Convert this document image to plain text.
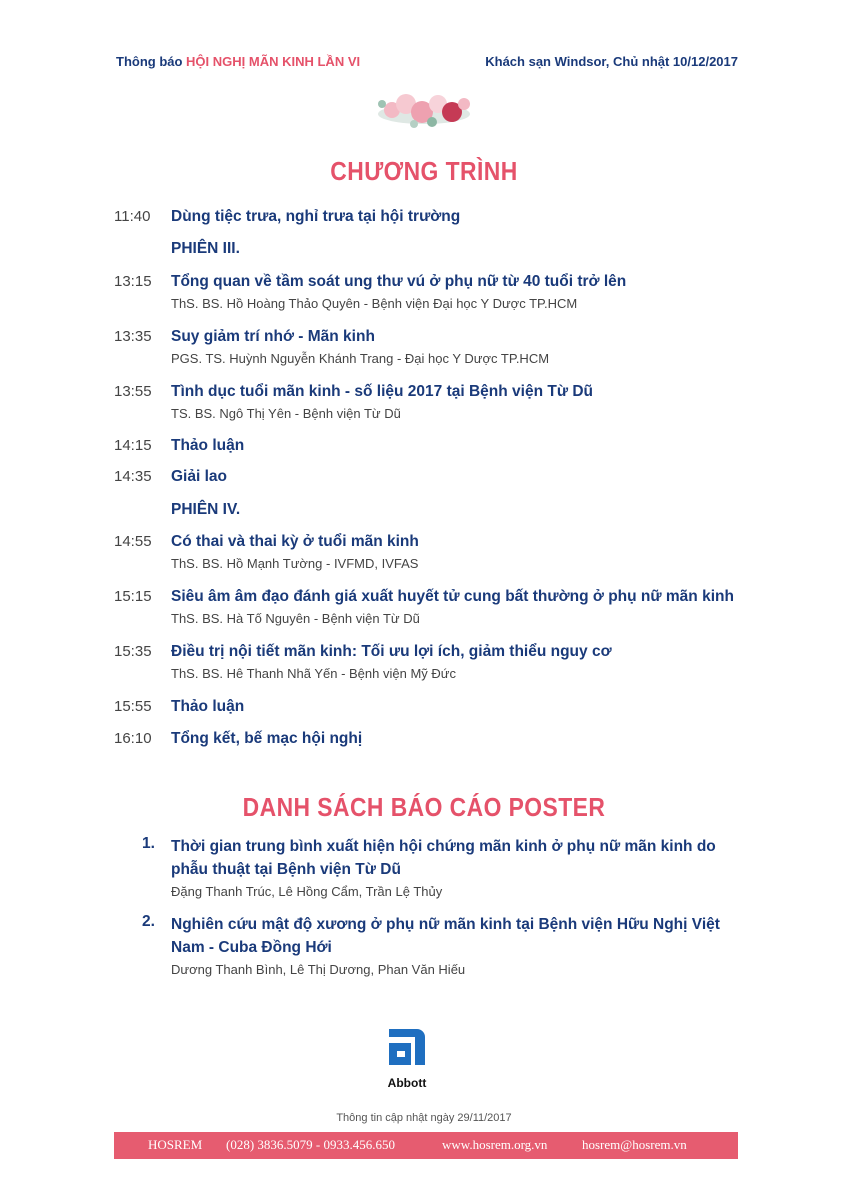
Thông báo HỘI NGHỊ MÃN KINH LẦN VI	Khách sạn Windsor, Chủ nhật 10/12/2017
CHƯƠNG TRÌNH
11:40	Dùng tiệc trưa, nghỉ trưa tại hội trường
PHIÊN III.
13:15	Tổng quan về tầm soát ung thư vú ở phụ nữ từ 40 tuổi trở lên
ThS. BS. Hồ Hoàng Thảo Quyên - Bệnh viện Đại học Y Dược TP.HCM
13:35	Suy giảm trí nhớ - Mãn kinh
PGS. TS. Huỳnh Nguyễn Khánh Trang - Đại học Y Dược TP.HCM
13:55	Tình dục tuổi mãn kinh - số liệu 2017 tại Bệnh viện Từ Dũ
TS. BS. Ngô Thị Yên - Bệnh viện Từ Dũ
14:15	Thảo luận
14:35	Giải lao
PHIÊN IV.
14:55	Có thai và thai kỳ ở tuổi mãn kinh
ThS. BS. Hồ Mạnh Tường - IVFMD, IVFAS
15:15	Siêu âm âm đạo đánh giá xuất huyết tử cung bất thường ở phụ nữ mãn kinh
ThS. BS. Hà Tố Nguyên - Bệnh viện Từ Dũ
15:35	Điều trị nội tiết mãn kinh: Tối ưu lợi ích, giảm thiểu nguy cơ
ThS. BS. Hê Thanh Nhã Yến - Bệnh viện Mỹ Đức
15:55	Thảo luận
16:10	Tổng kết, bế mạc hội nghị
DANH SÁCH BÁO CÁO POSTER
1. Thời gian trung bình xuất hiện hội chứng mãn kinh ở phụ nữ mãn kinh do phẫu thuật tại Bệnh viện Từ Dũ
Đặng Thanh Trúc, Lê Hồng Cẩm, Trần Lệ Thủy
2. Nghiên cứu mật độ xương ở phụ nữ mãn kinh tại Bệnh viện Hữu Nghị Việt Nam - Cuba Đồng Hới
Dương Thanh Bình, Lê Thị Dương, Phan Văn Hiếu
Abbott
Thông tin cập nhật ngày 29/11/2017
HOSREM (028) 3836.5079 - 0933.456.650	www.hosrem.org.vn	hosrem@hosrem.vn
